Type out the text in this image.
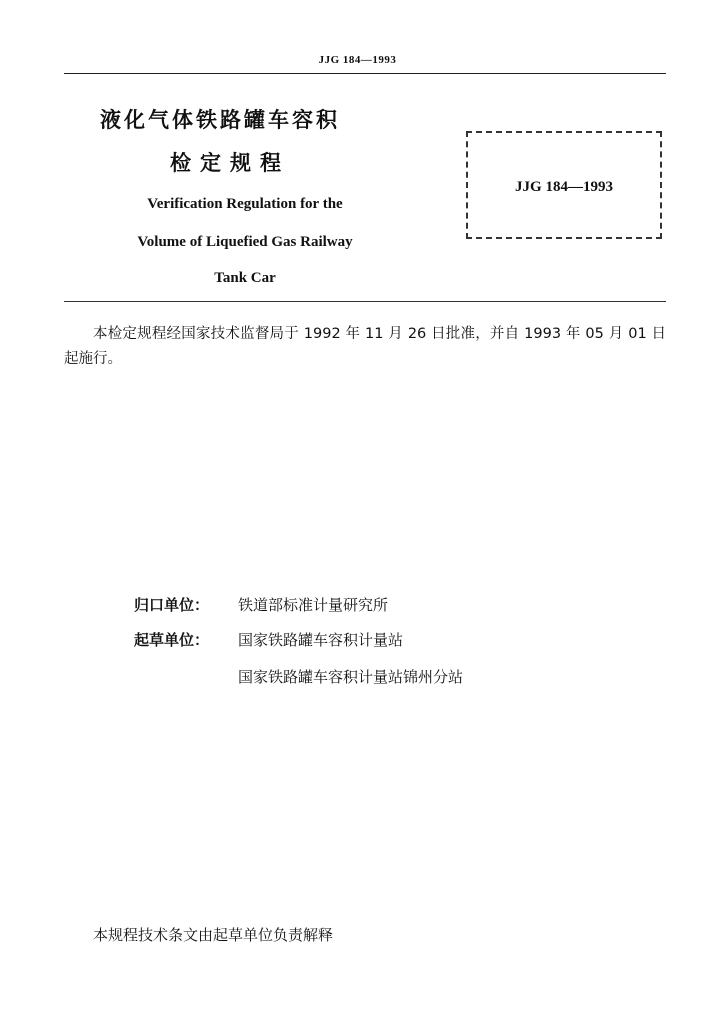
JJG 184—1993
液化气体铁路罐车容积
检定规程
Verification Regulation for the
Volume of Liquefied Gas Railway
Tank Car
JJG 184—1993
本检定规程经国家技术监督局于 1992 年 11 月 26 日批准，并自 1993 年 05 月 01 日起施行。
归口单位： 铁道部标准计量研究所
起草单位： 国家铁路罐车容积计量站
国家铁路罐车容积计量站锦州分站
本规程技术条文由起草单位负责解释
